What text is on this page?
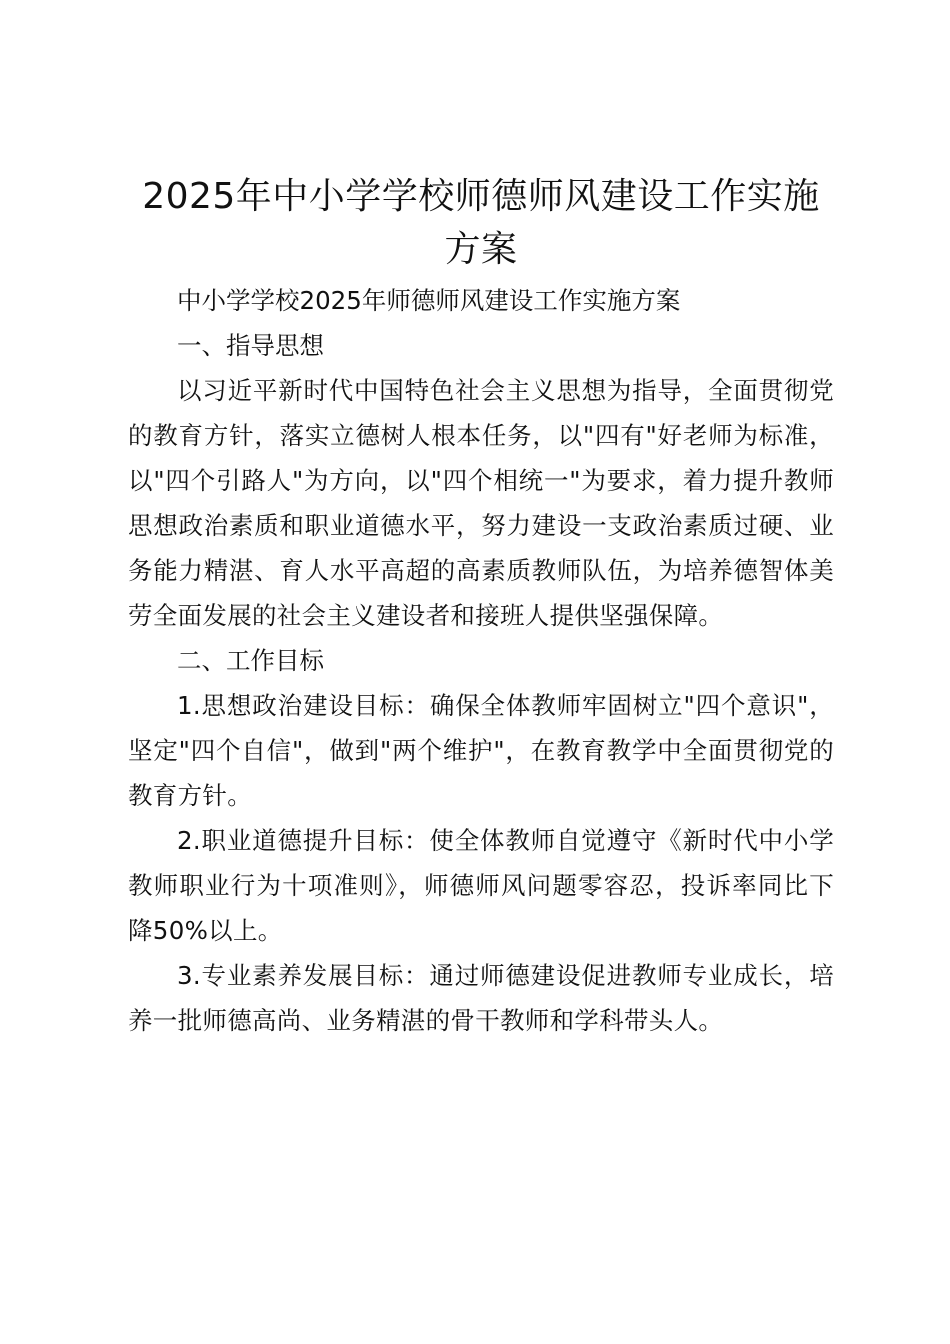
2025年中小学学校师德师风建设工作实施方案

中小学学校2025年师德师风建设工作实施方案

一、指导思想

以习近平新时代中国特色社会主义思想为指导，全面贯彻党的教育方针，落实立德树人根本任务，以"四有"好老师为标准，以"四个引路人"为方向，以"四个相统一"为要求，着力提升教师思想政治素质和职业道德水平，努力建设一支政治素质过硬、业务能力精湛、育人水平高超的高素质教师队伍，为培养德智体美劳全面发展的社会主义建设者和接班人提供坚强保障。

二、工作目标

1.思想政治建设目标：确保全体教师牢固树立"四个意识"，坚定"四个自信"，做到"两个维护"，在教育教学中全面贯彻党的教育方针。

2.职业道德提升目标：使全体教师自觉遵守《新时代中小学教师职业行为十项准则》，师德师风问题零容忍，投诉率同比下降50%以上。

3.专业素养发展目标：通过师德建设促进教师专业成长，培养一批师德高尚、业务精湛的骨干教师和学科带头人。
